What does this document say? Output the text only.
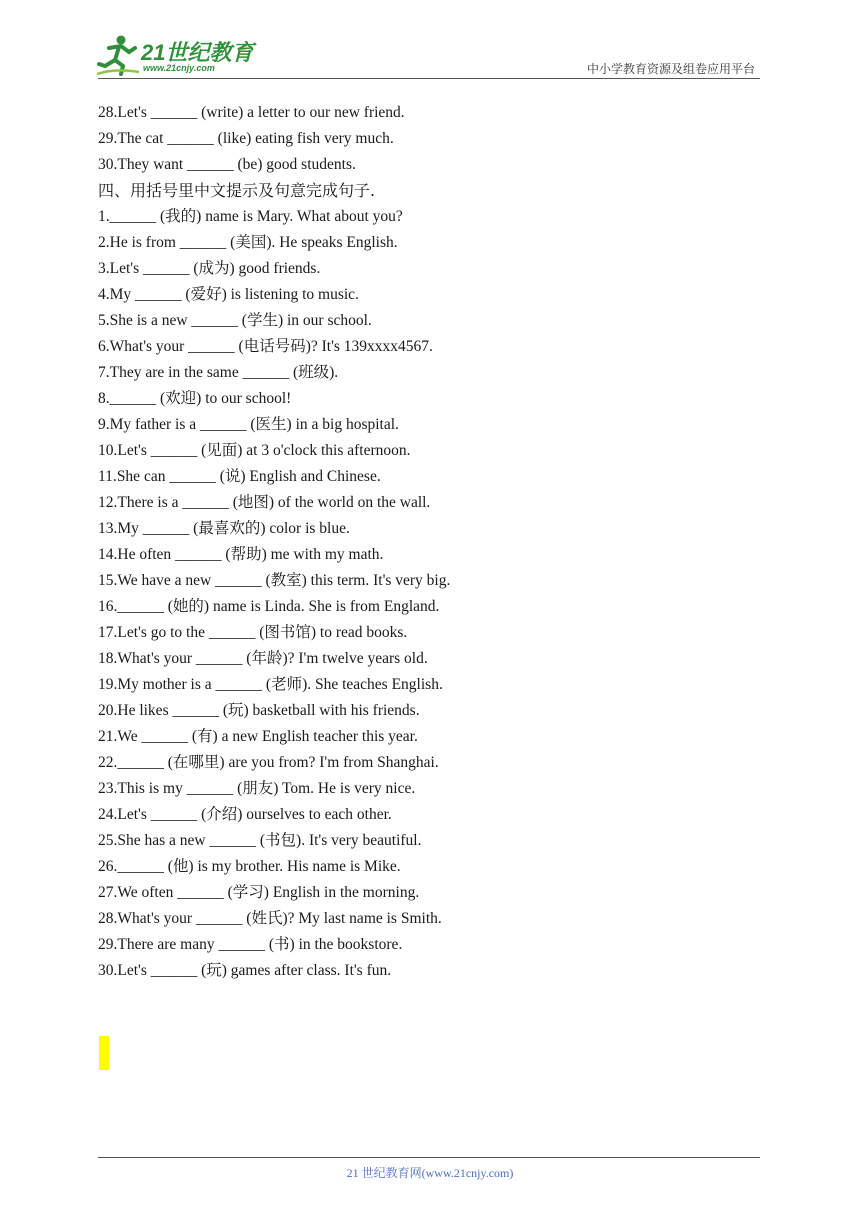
21世纪教育
www.21cnjy.com	中小学教育资源及组卷应用平台
28.Let's ______ (write) a letter to our new friend.
29.The cat ______ (like) eating fish very much.
30.They want ______ (be) good students.
四、用括号里中文提示及句意完成句子.
1.______ (我的) name is Mary. What about you?
2.He is from ______ (美国). He speaks English.
3.Let's ______ (成为) good friends.
4.My ______ (爱好) is listening to music.
5.She is a new ______ (学生) in our school.
6.What's your ______ (电话号码)? It's 139xxxx4567.
7.They are in the same ______ (班级).
8.______ (欢迎) to our school!
9.My father is a ______ (医生) in a big hospital.
10.Let's ______ (见面) at 3 o'clock this afternoon.
11.She can ______ (说) English and Chinese.
12.There is a ______ (地图) of the world on the wall.
13.My ______ (最喜欢的) color is blue.
14.He often ______ (帮助) me with my math.
15.We have a new ______ (教室) this term. It's very big.
16.______ (她的) name is Linda. She is from England.
17.Let's go to the ______ (图书馆) to read books.
18.What's your ______ (年龄)? I'm twelve years old.
19.My mother is a ______ (老师). She teaches English.
20.He likes ______ (玩) basketball with his friends.
21.We ______ (有) a new English teacher this year.
22.______ (在哪里) are you from? I'm from Shanghai.
23.This is my ______ (朋友) Tom. He is very nice.
24.Let's ______ (介绍) ourselves to each other.
25.She has a new ______ (书包). It's very beautiful.
26.______ (他) is my brother. His name is Mike.
27.We often ______ (学习) English in the morning.
28.What's your ______ (姓氏)? My last name is Smith.
29.There are many ______ (书) in the bookstore.
30.Let's ______ (玩) games after class. It's fun.
21 世纪教育网(www.21cnjy.com)
